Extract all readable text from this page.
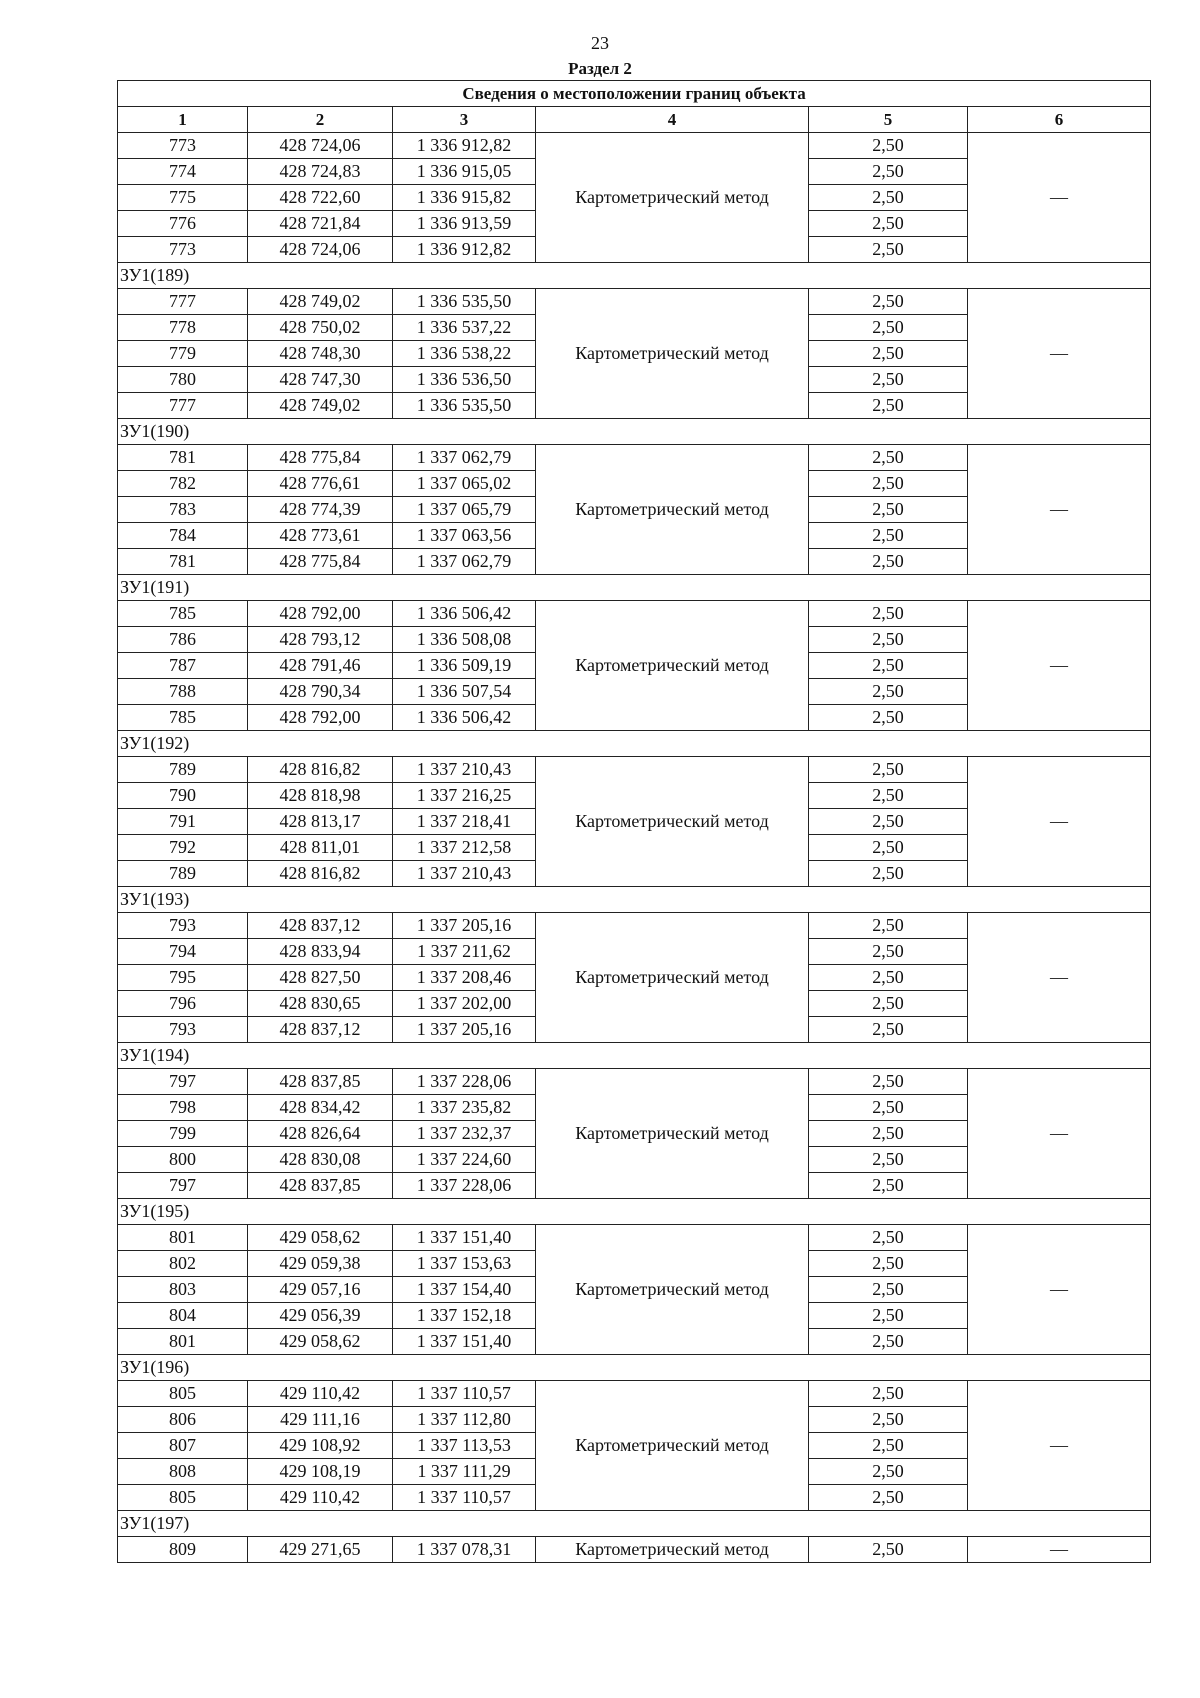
23
Раздел 2
Сведения о местоположении границ объекта					
1	2	3	4	5	6
773	428 724,06	1 336 912,82	Картометрический метод	2,50	—
774	428 724,83	1 336 915,05		2,50	
775	428 722,60	1 336 915,82		2,50	
776	428 721,84	1 336 913,59		2,50	
773	428 724,06	1 336 912,82		2,50	
ЗУ1(189)					
777	428 749,02	1 336 535,50	Картометрический метод	2,50	—
778	428 750,02	1 336 537,22		2,50	
779	428 748,30	1 336 538,22		2,50	
780	428 747,30	1 336 536,50		2,50	
777	428 749,02	1 336 535,50		2,50	
ЗУ1(190)					
781	428 775,84	1 337 062,79	Картометрический метод	2,50	—
782	428 776,61	1 337 065,02		2,50	
783	428 774,39	1 337 065,79		2,50	
784	428 773,61	1 337 063,56		2,50	
781	428 775,84	1 337 062,79		2,50	
ЗУ1(191)					
785	428 792,00	1 336 506,42	Картометрический метод	2,50	—
786	428 793,12	1 336 508,08		2,50	
787	428 791,46	1 336 509,19		2,50	
788	428 790,34	1 336 507,54		2,50	
785	428 792,00	1 336 506,42		2,50	
ЗУ1(192)					
789	428 816,82	1 337 210,43	Картометрический метод	2,50	—
790	428 818,98	1 337 216,25		2,50	
791	428 813,17	1 337 218,41		2,50	
792	428 811,01	1 337 212,58		2,50	
789	428 816,82	1 337 210,43		2,50	
ЗУ1(193)					
793	428 837,12	1 337 205,16	Картометрический метод	2,50	—
794	428 833,94	1 337 211,62		2,50	
795	428 827,50	1 337 208,46		2,50	
796	428 830,65	1 337 202,00		2,50	
793	428 837,12	1 337 205,16		2,50	
ЗУ1(194)					
797	428 837,85	1 337 228,06	Картометрический метод	2,50	—
798	428 834,42	1 337 235,82		2,50	
799	428 826,64	1 337 232,37		2,50	
800	428 830,08	1 337 224,60		2,50	
797	428 837,85	1 337 228,06		2,50	
ЗУ1(195)					
801	429 058,62	1 337 151,40	Картометрический метод	2,50	—
802	429 059,38	1 337 153,63		2,50	
803	429 057,16	1 337 154,40		2,50	
804	429 056,39	1 337 152,18		2,50	
801	429 058,62	1 337 151,40		2,50	
ЗУ1(196)					
805	429 110,42	1 337 110,57	Картометрический метод	2,50	—
806	429 111,16	1 337 112,80		2,50	
807	429 108,92	1 337 113,53		2,50	
808	429 108,19	1 337 111,29		2,50	
805	429 110,42	1 337 110,57		2,50	
ЗУ1(197)					
809	429 271,65	1 337 078,31	Картометрический метод	2,50	—
